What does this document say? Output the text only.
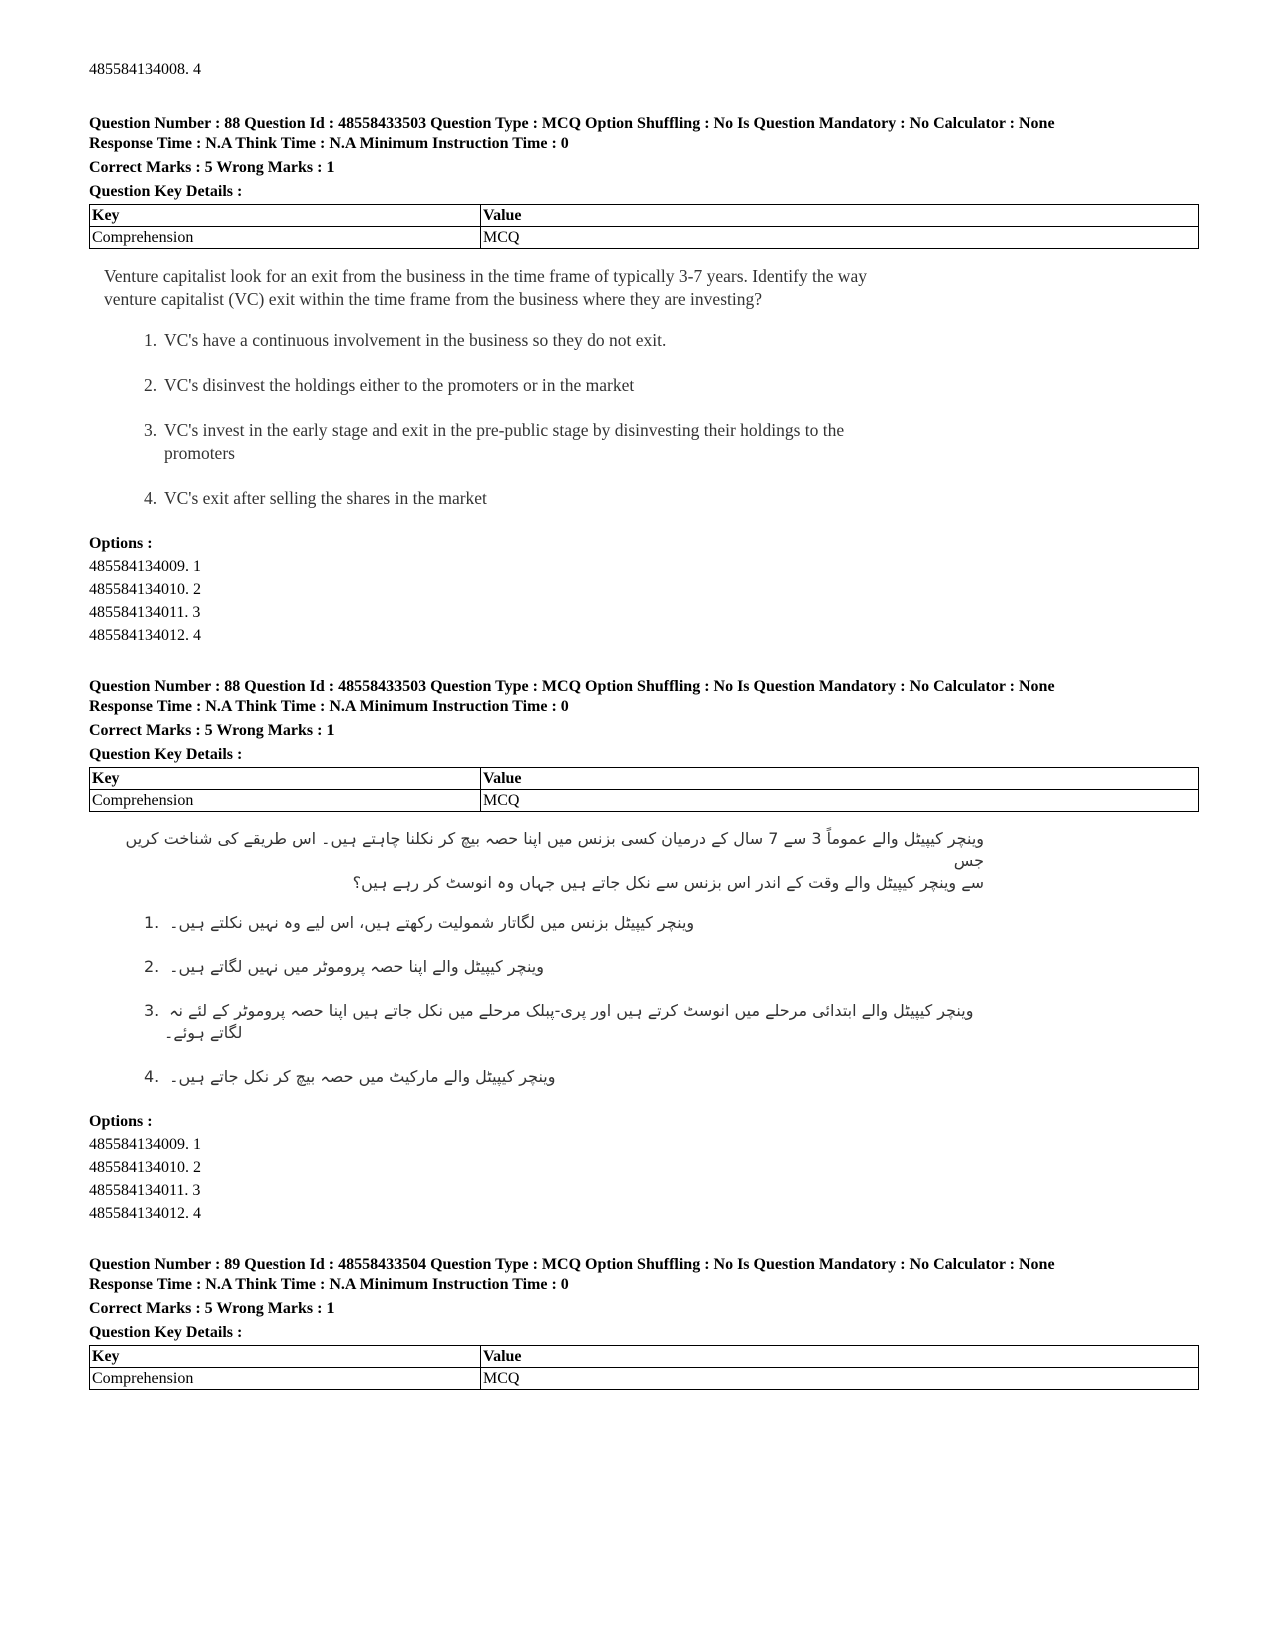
485584134008. 4
Question Number : 88 Question Id : 48558433503 Question Type : MCQ Option Shuffling : No Is Question Mandatory : No Calculator : None
Response Time : N.A Think Time : N.A Minimum Instruction Time : 0
Correct Marks : 5 Wrong Marks : 1
Question Key Details :
Key	Value
Comprehension	MCQ
Venture capitalist look for an exit from the business in the time frame of typically 3-7 years. Identify the way
venture capitalist (VC) exit within the time frame from the business where they are investing?
1. VC's have a continuous involvement in the business so they do not exit.
2. VC's disinvest the holdings either to the promoters or in the market
3. VC's invest in the early stage and exit in the pre-public stage by disinvesting their holdings to the
promoters
4. VC's exit after selling the shares in the market
Options :
485584134009. 1
485584134010. 2
485584134011. 3
485584134012. 4
Question Number : 88 Question Id : 48558433503 Question Type : MCQ Option Shuffling : No Is Question Mandatory : No Calculator : None
Response Time : N.A Think Time : N.A Minimum Instruction Time : 0
Correct Marks : 5 Wrong Marks : 1
Question Key Details :
Key	Value
Comprehension	MCQ
وینچر کیپیٹل والے عموماً 3 سے 7 سال کے درمیان کسی بزنس میں اپنا حصہ بیچ کر نکلنا چاہتے ہیں۔ اس طریقے کی شناخت کریں جس
سے وینچر کیپیٹل والے وقت کے اندر اس بزنس سے نکل جاتے ہیں جہاں وہ انوسٹ کر رہے ہیں؟
1. وینچر کیپیٹل بزنس میں لگاتار شمولیت رکھتے ہیں، اس لیے وہ نہیں نکلتے ہیں۔
2. وینچر کیپیٹل والے اپنا حصہ پروموٹر میں نہیں لگاتے ہیں۔
3. وینچر کیپیٹل والے ابتدائی مرحلے میں انوسٹ کرتے ہیں اور پری-پبلک مرحلے میں نکل جاتے ہیں اپنا حصہ پروموٹر کے لئے نہ
لگاتے ہوئے۔
4. وینچر کیپیٹل والے مارکیٹ میں حصہ بیچ کر نکل جاتے ہیں۔
Options :
485584134009. 1
485584134010. 2
485584134011. 3
485584134012. 4
Question Number : 89 Question Id : 48558433504 Question Type : MCQ Option Shuffling : No Is Question Mandatory : No Calculator : None
Response Time : N.A Think Time : N.A Minimum Instruction Time : 0
Correct Marks : 5 Wrong Marks : 1
Question Key Details :
Key	Value
Comprehension	MCQ
